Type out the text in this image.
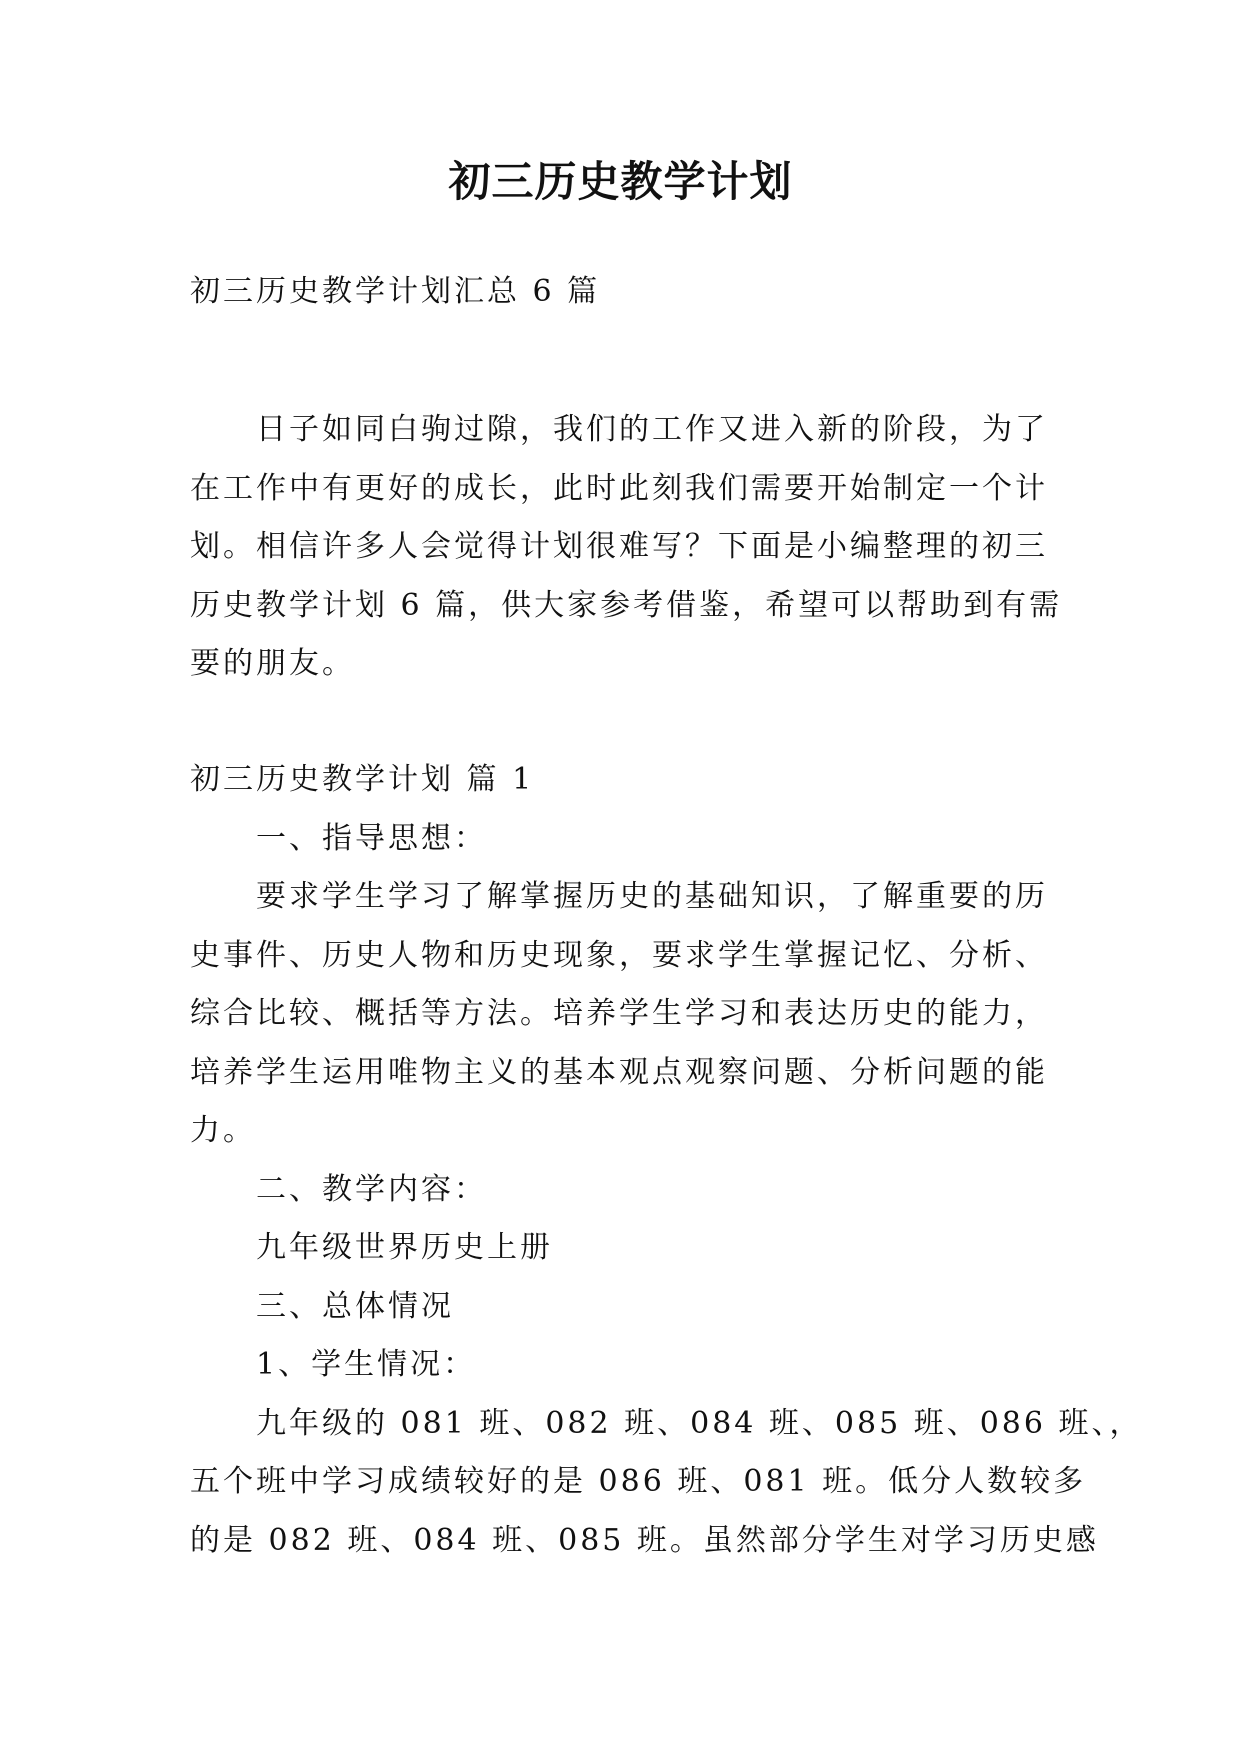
初三历史教学计划

初三历史教学计划汇总 6 篇

日子如同白驹过隙，我们的工作又进入新的阶段，为了
在工作中有更好的成长，此时此刻我们需要开始制定一个计
划。相信许多人会觉得计划很难写？下面是小编整理的初三
历史教学计划 6 篇，供大家参考借鉴，希望可以帮助到有需
要的朋友。
初三历史教学计划 篇 1
一、指导思想：
要求学生学习了解掌握历史的基础知识，了解重要的历
史事件、历史人物和历史现象，要求学生掌握记忆、分析、
综合比较、概括等方法。培养学生学习和表达历史的能力，
培养学生运用唯物主义的基本观点观察问题、分析问题的能
力。
二、教学内容：
九年级世界历史上册
三、总体情况
1、学生情况：
九年级的 081 班、082 班、084 班、085 班、086 班、，
五个班中学习成绩较好的是 086 班、081 班。低分人数较多
的是 082 班、084 班、085 班。虽然部分学生对学习历史感
